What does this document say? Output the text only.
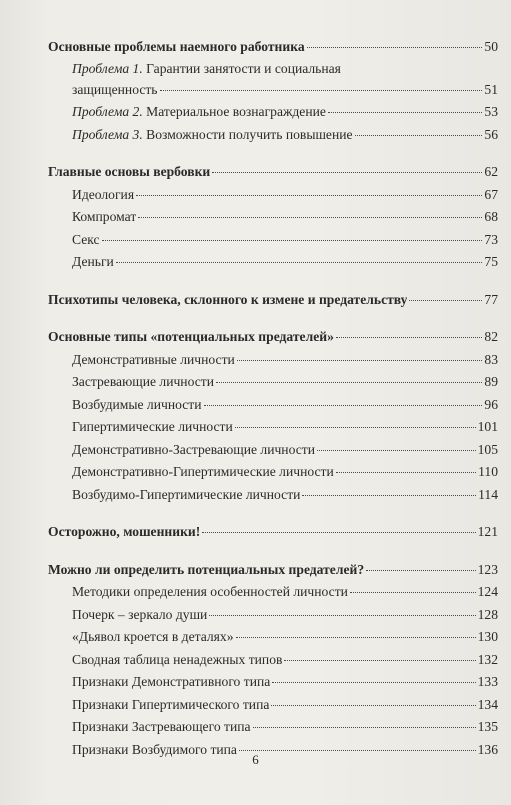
Основные проблемы наемного работника	50
Проблема 1. Гарантии занятости и социальная
защищенность	51
Проблема 2. Материальное вознаграждение	53
Проблема 3. Возможности получить повышение	56
Главные основы вербовки	62
Идеология	67
Компромат	68
Секс	73
Деньги	75
Психотипы человека, склонного к измене и предательству	77
Основные типы «потенциальных предателей»	82
Демонстративные личности	83
Застревающие личности	89
Возбудимые личности	96
Гипертимические личности	101
Демонстративно-Застревающие личности	105
Демонстративно-Гипертимические личности	110
Возбудимо-Гипертимические личности	114
Осторожно, мошенники!	121
Можно ли определить потенциальных предателей?	123
Методики определения особенностей личности	124
Почерк – зеркало души	128
«Дьявол кроется в деталях»	130
Сводная таблица ненадежных типов	132
Признаки Демонстративного типа	133
Признаки Гипертимического типа	134
Признаки Застревающего типа	135
Признаки Возбудимого типа	136
6
